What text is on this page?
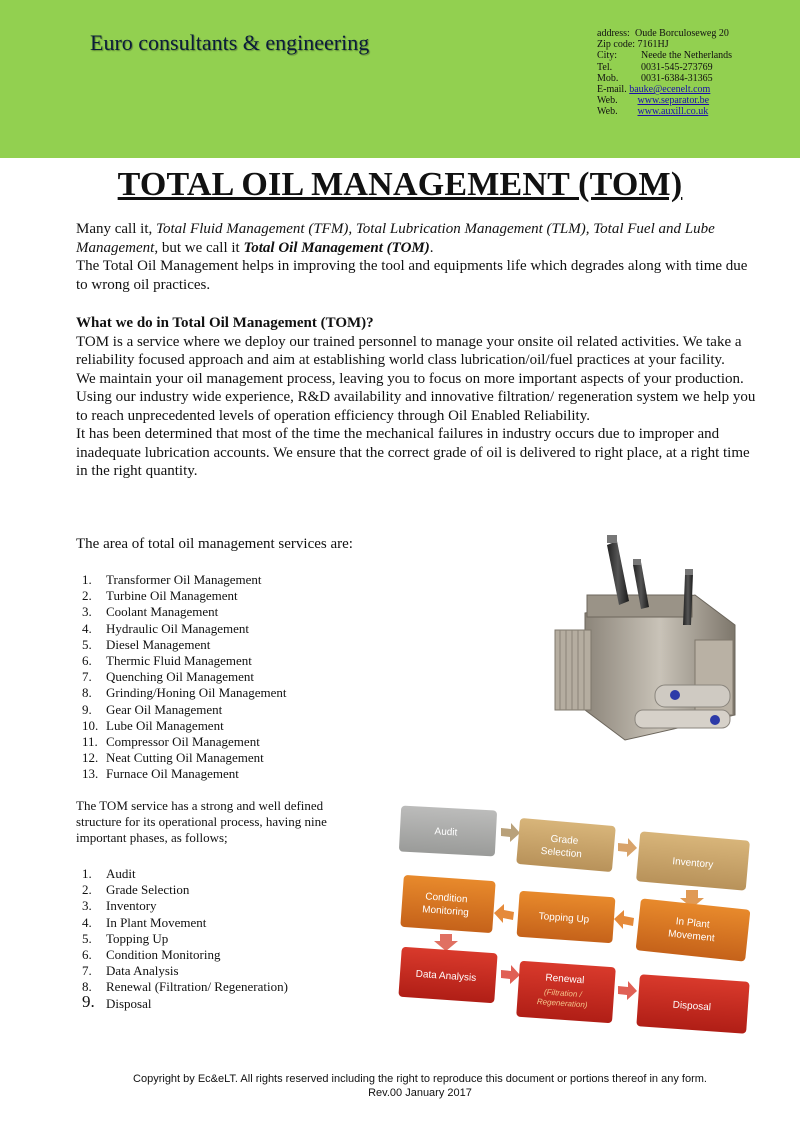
Euro consultants & engineering	address: Oude Borculoseweg 20
Zip code: 7161HJ
City: Neede the Netherlands
Tel.	0031-545-273769
Mob. 0031-6384-31365
E-mail. bauke@ecenelt.com
Web. www.separator.be
Web. www.auxill.co.uk
TOTAL OIL MANAGEMENT (TOM)

Many call it, Total Fluid Management (TFM), Total Lubrication Management (TLM), Total Fuel and Lube Management, but we call it Total Oil Management (TOM).

The Total Oil Management helps in improving the tool and equipments life which degrades along with time due to wrong oil practices.

What we do in Total Oil Management (TOM)?

TOM is a service where we deploy our trained personnel to manage your onsite oil related activities. We take a reliability focused approach and aim at establishing world class lubrication/oil/fuel practices at your facility.

We maintain your oil management process, leaving you to focus on more important aspects of your production.

Using our industry wide experience, R&D availability and innovative filtration/ regeneration system we help you to reach unprecedented levels of operation efficiency through Oil Enabled Reliability.

It has been determined that most of the time the mechanical failures in industry occurs due to improper and inadequate lubrication accounts. We ensure that the correct grade of oil is delivered to right place, at a right time in the right quantity.

The area of total oil management services are:
1. Transformer Oil Management
2. Turbine Oil Management
3. Coolant Management
4. Hydraulic Oil Management
5. Diesel Management
6. Thermic Fluid Management
7. Quenching Oil Management
8. Grinding/Honing Oil Management
9. Gear Oil Management
10. Lube Oil Management
11. Compressor Oil Management
12. Neat Cutting Oil Management
13. Furnace Oil Management
The TOM service has a strong and well defined structure for its operational process, having nine important phases, as follows;	Audit
Grade
Selection
Inventory
In Plant
Movement
Topping Up
Condition
Monitoring
Data Analysis	Renewal
(Filtration /
Regeneration)	Disposal
1. Audit
2. Grade Selection
3. Inventory
4. In Plant Movement
5. Topping Up
6. Condition Monitoring
7. Data Analysis
8. Renewal (Filtration/ Regeneration)
9. Disposal
Copyright by Ec&eLT. All rights reserved including the right to reproduce this document or portions thereof in any form.
Rev.00 January 2017
